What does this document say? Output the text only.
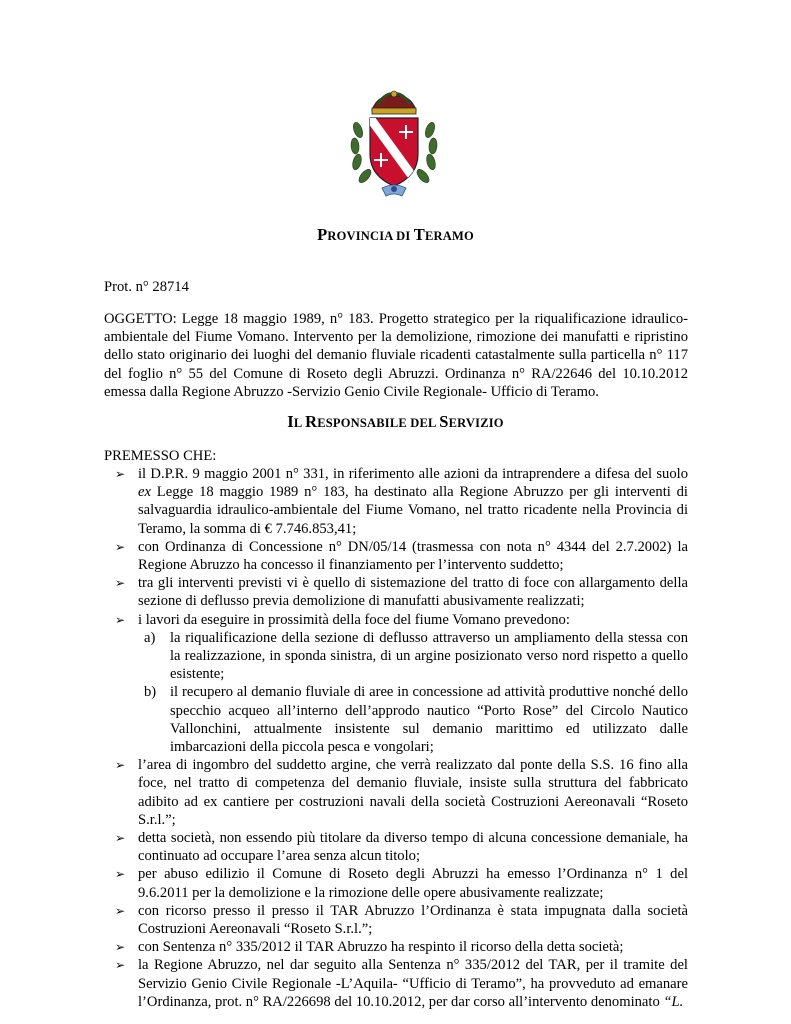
PROVINCIA DI TERAMO
Prot. n° 28714
OGGETTO: Legge 18 maggio 1989, n° 183. Progetto strategico per la riqualificazione idraulico-ambientale del Fiume Vomano. Intervento per la demolizione, rimozione dei manufatti e ripristino dello stato originario dei luoghi del demanio fluviale ricadenti catastalmente sulla particella n° 117 del foglio n° 55 del Comune di Roseto degli Abruzzi. Ordinanza n° RA/22646 del 10.10.2012 emessa dalla Regione Abruzzo -Servizio Genio Civile Regionale- Ufficio di Teramo.
IL RESPONSABILE DEL SERVIZIO
PREMESSO CHE:

➢ il D.P.R. 9 maggio 2001 n° 331, in riferimento alle azioni da intraprendere a difesa del suolo ex Legge 18 maggio 1989 n° 183, ha destinato alla Regione Abruzzo per gli interventi di salvaguardia idraulico-ambientale del Fiume Vomano, nel tratto ricadente nella Provincia di Teramo, la somma di € 7.746.853,41;

➢ con Ordinanza di Concessione n° DN/05/14 (trasmessa con nota n° 4344 del 2.7.2002) la Regione Abruzzo ha concesso il finanziamento per l’intervento suddetto;

➢ tra gli interventi previsti vi è quello di sistemazione del tratto di foce con allargamento della sezione di deflusso previa demolizione di manufatti abusivamente realizzati;

➢ i lavori da eseguire in prossimità della foce del fiume Vomano prevedono:

a) la riqualificazione della sezione di deflusso attraverso un ampliamento della stessa con la realizzazione, in sponda sinistra, di un argine posizionato verso nord rispetto a quello esistente;

b) il recupero al demanio fluviale di aree in concessione ad attività produttive nonché dello specchio acqueo all’interno dell’approdo nautico “Porto Rose” del Circolo Nautico Vallonchini, attualmente insistente sul demanio marittimo ed utilizzato dalle imbarcazioni della piccola pesca e vongolari;

➢ l’area di ingombro del suddetto argine, che verrà realizzato dal ponte della S.S. 16 fino alla foce, nel tratto di competenza del demanio fluviale, insiste sulla struttura del fabbricato adibito ad ex cantiere per costruzioni navali della società Costruzioni Aereonavali “Roseto S.r.l.”;

➢ detta società, non essendo più titolare da diverso tempo di alcuna concessione demaniale, ha continuato ad occupare l’area senza alcun titolo;

➢ per abuso edilizio il Comune di Roseto degli Abruzzi ha emesso l’Ordinanza n° 1 del 9.6.2011 per la demolizione e la rimozione delle opere abusivamente realizzate;

➢ con ricorso presso il presso il TAR Abruzzo l’Ordinanza è stata impugnata dalla società Costruzioni Aereonavali “Roseto S.r.l.”;

➢ con Sentenza n° 335/2012 il TAR Abruzzo ha respinto il ricorso della detta società;

➢ la Regione Abruzzo, nel dar seguito alla Sentenza n° 335/2012 del TAR, per il tramite del Servizio Genio Civile Regionale -L’Aquila- “Ufficio di Teramo”, ha provveduto ad emanare l’Ordinanza, prot. n° RA/226698 del 10.10.2012, per dar corso all’intervento denominato “L.
